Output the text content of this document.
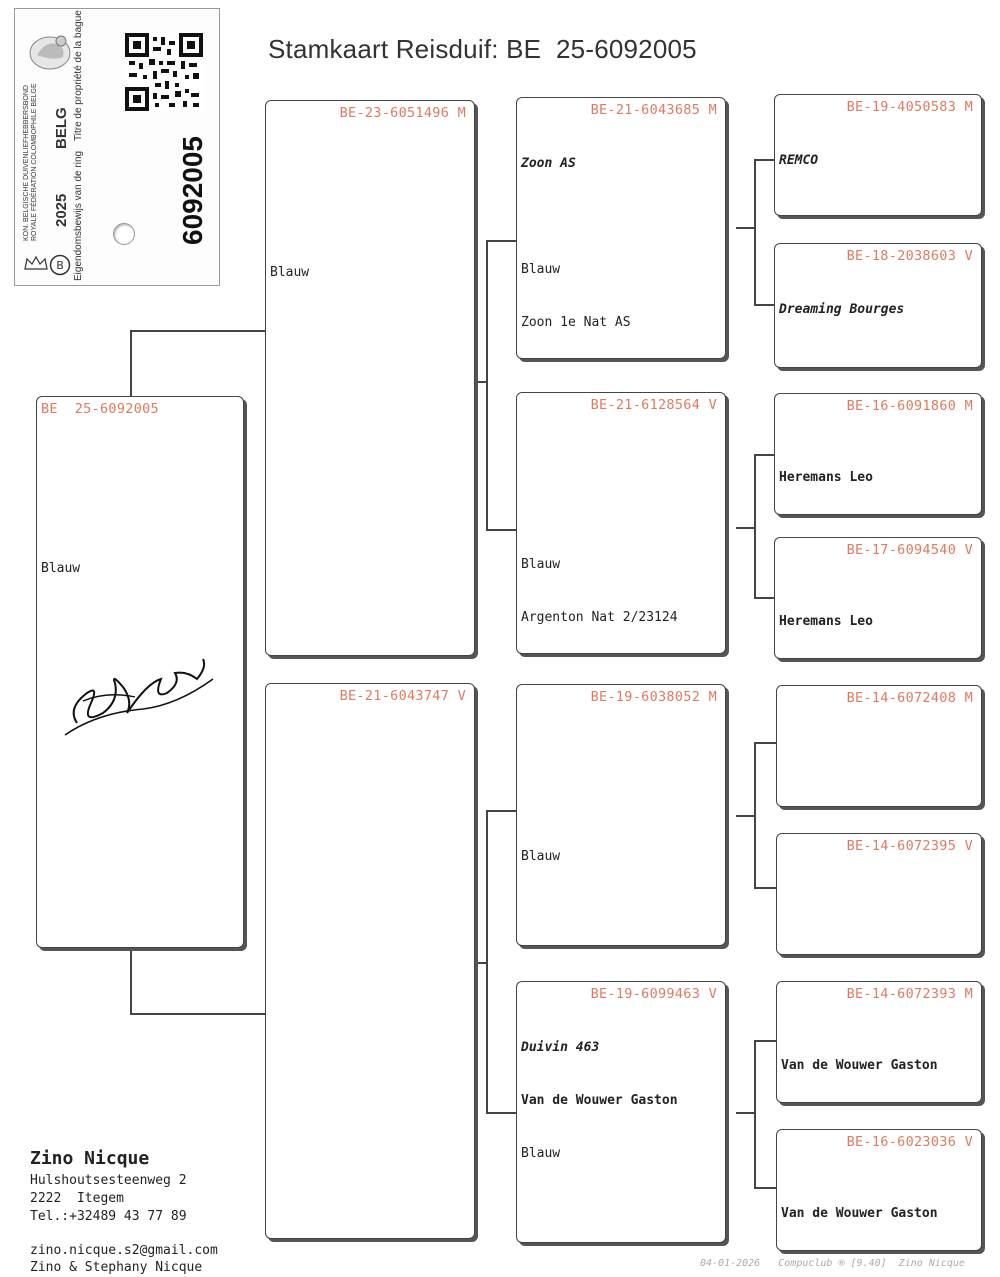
Stamkaart Reisduif: BE  25-6092005
B
KON. BELGISCHE DUIVENLIEFHEBBERSBOND ROYALE FÉDÉRATION COLOMBOPHILE BELGE 2025
BELG
Eigendomsbewijs van de ring
Titre de propriété de la bague
6092005
BE  25-6092005

Blauw

BE-23-6051496 M

Blauw

BE-21-6043747 V
BE-21-6043685 M

Zoon AS

Blauw

Zoon 1e Nat AS

BE-21-6128564 V

Blauw

Argenton Nat 2/23124

BE-19-6038052 M

Blauw

BE-19-6099463 V

Duivin 463

Van de Wouwer Gaston

Blauw

BE-19-4050583 M

REMCO

BE-18-2038603 V

Dreaming Bourges

BE-16-6091860 M

Heremans Leo

BE-17-6094540 V

Heremans Leo

BE-14-6072408 M

BE-14-6072395 V

BE-14-6072393 M

Van de Wouwer Gaston

BE-16-6023036 V

Van de Wouwer Gaston

Zino Nicque
Hulshoutsesteenweg 2
2222  Itegem
Tel.:+32489 43 77 89
zino.nicque.s2@gmail.com
Zino & Stephany Nicque	04-01-2026   Compuclub ® [9.40]  Zino Nicque
